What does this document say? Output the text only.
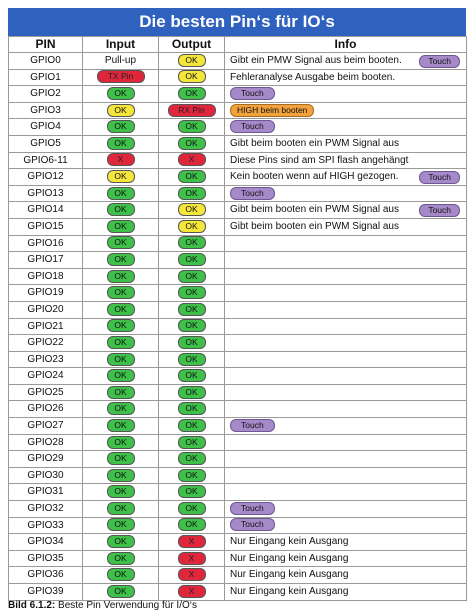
Die besten Pin‘s für IO‘s
PIN	Input	Output	Info
GPIO0	Pull-up	OK	Gibt ein PMW Signal aus beim booten. Touch

GPIO1	TX Pin	OK	Fehleranalyse Ausgabe beim booten.
GPIO2	OK	OK	Touch
GPIO3	OK	RX Pin	HIGH beim booten
GPIO4	OK	OK	Touch
GPIO5	OK	OK	Gibt beim booten ein PWM Signal aus
GPIO6-11	X	X	Diese Pins sind am SPI flash angehängt
GPIO12	OK	OK	Kein booten wenn auf HIGH gezogen. Touch

GPIO13	OK	OK	Touch
GPIO14	OK	OK	Gibt beim booten ein PWM Signal aus Touch

GPIO15	OK	OK	Gibt beim booten ein PWM Signal aus
GPIO16	OK	OK	
GPIO17	OK	OK	
GPIO18	OK	OK	
GPIO19	OK	OK	
GPIO20	OK	OK	
GPIO21	OK	OK	
GPIO22	OK	OK	
GPIO23	OK	OK	
GPIO24	OK	OK	
GPIO25	OK	OK	
GPIO26	OK	OK	
GPIO27	OK	OK	Touch
GPIO28	OK	OK	
GPIO29	OK	OK	
GPIO30	OK	OK	
GPIO31	OK	OK	
GPIO32	OK	OK	Touch
GPIO33	OK	OK	Touch
GPIO34	OK	X	Nur Eingang kein Ausgang
GPIO35	OK	X	Nur Eingang kein Ausgang
GPIO36	OK	X	Nur Eingang kein Ausgang
GPIO39	OK	X	Nur Eingang kein Ausgang
Bild 6.1.2: Beste Pin Verwendung für I/O‘s
